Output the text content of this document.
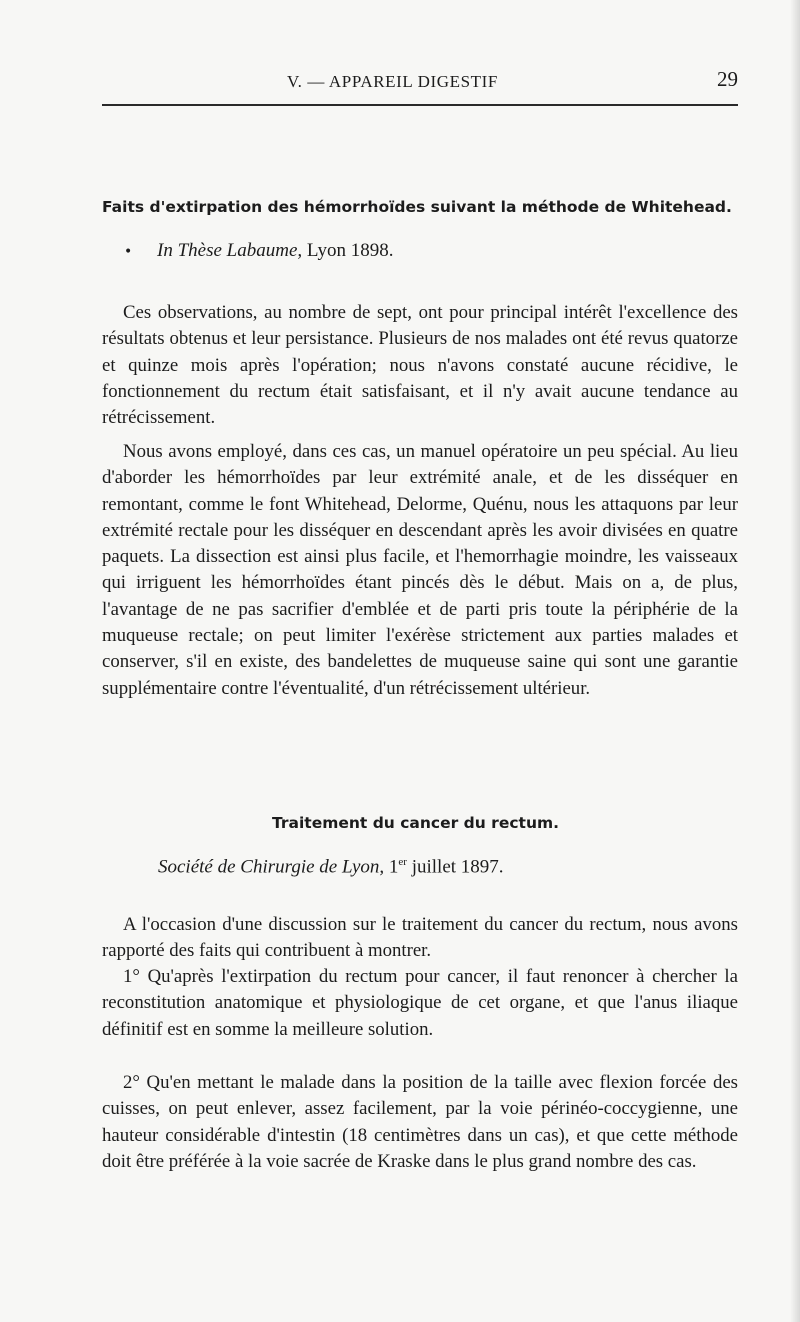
V. — APPAREIL DIGESTIF	29
Faits d'extirpation des hémorrhoïdes suivant la méthode de Whitehead.
• In Thèse Labaume, Lyon 1898.

Ces observations, au nombre de sept, ont pour principal intérêt l'excellence des résultats obtenus et leur persistance. Plusieurs de nos malades ont été revus quatorze et quinze mois après l'opération; nous n'avons constaté aucune récidive, le fonctionnement du rectum était satisfaisant, et il n'y avait aucune tendance au rétrécissement.

Nous avons employé, dans ces cas, un manuel opératoire un peu spécial. Au lieu d'aborder les hémorrhoïdes par leur extrémité anale, et de les disséquer en remontant, comme le font Whitehead, Delorme, Quénu, nous les attaquons par leur extrémité rectale pour les disséquer en descendant après les avoir divisées en quatre paquets. La dissection est ainsi plus facile, et l'hemorrhagie moindre, les vaisseaux qui irriguent les hémorrhoïdes étant pincés dès le début. Mais on a, de plus, l'avantage de ne pas sacrifier d'emblée et de parti pris toute la périphérie de la muqueuse rectale; on peut limiter l'exérèse strictement aux parties malades et conserver, s'il en existe, des bandelettes de muqueuse saine qui sont une garantie supplémentaire contre l'éventualité, d'un rétrécissement ultérieur.

Traitement du cancer du rectum.
Société de Chirurgie de Lyon, 1er juillet 1897.

A l'occasion d'une discussion sur le traitement du cancer du rectum, nous avons rapporté des faits qui contribuent à montrer.

1° Qu'après l'extirpation du rectum pour cancer, il faut renoncer à chercher la reconstitution anatomique et physiologique de cet organe, et que l'anus iliaque définitif est en somme la meilleure solution.

2° Qu'en mettant le malade dans la position de la taille avec flexion forcée des cuisses, on peut enlever, assez facilement, par la voie périnéo-coccygienne, une hauteur considérable d'intestin (18 centimètres dans un cas), et que cette méthode doit être préférée à la voie sacrée de Kraske dans le plus grand nombre des cas.
